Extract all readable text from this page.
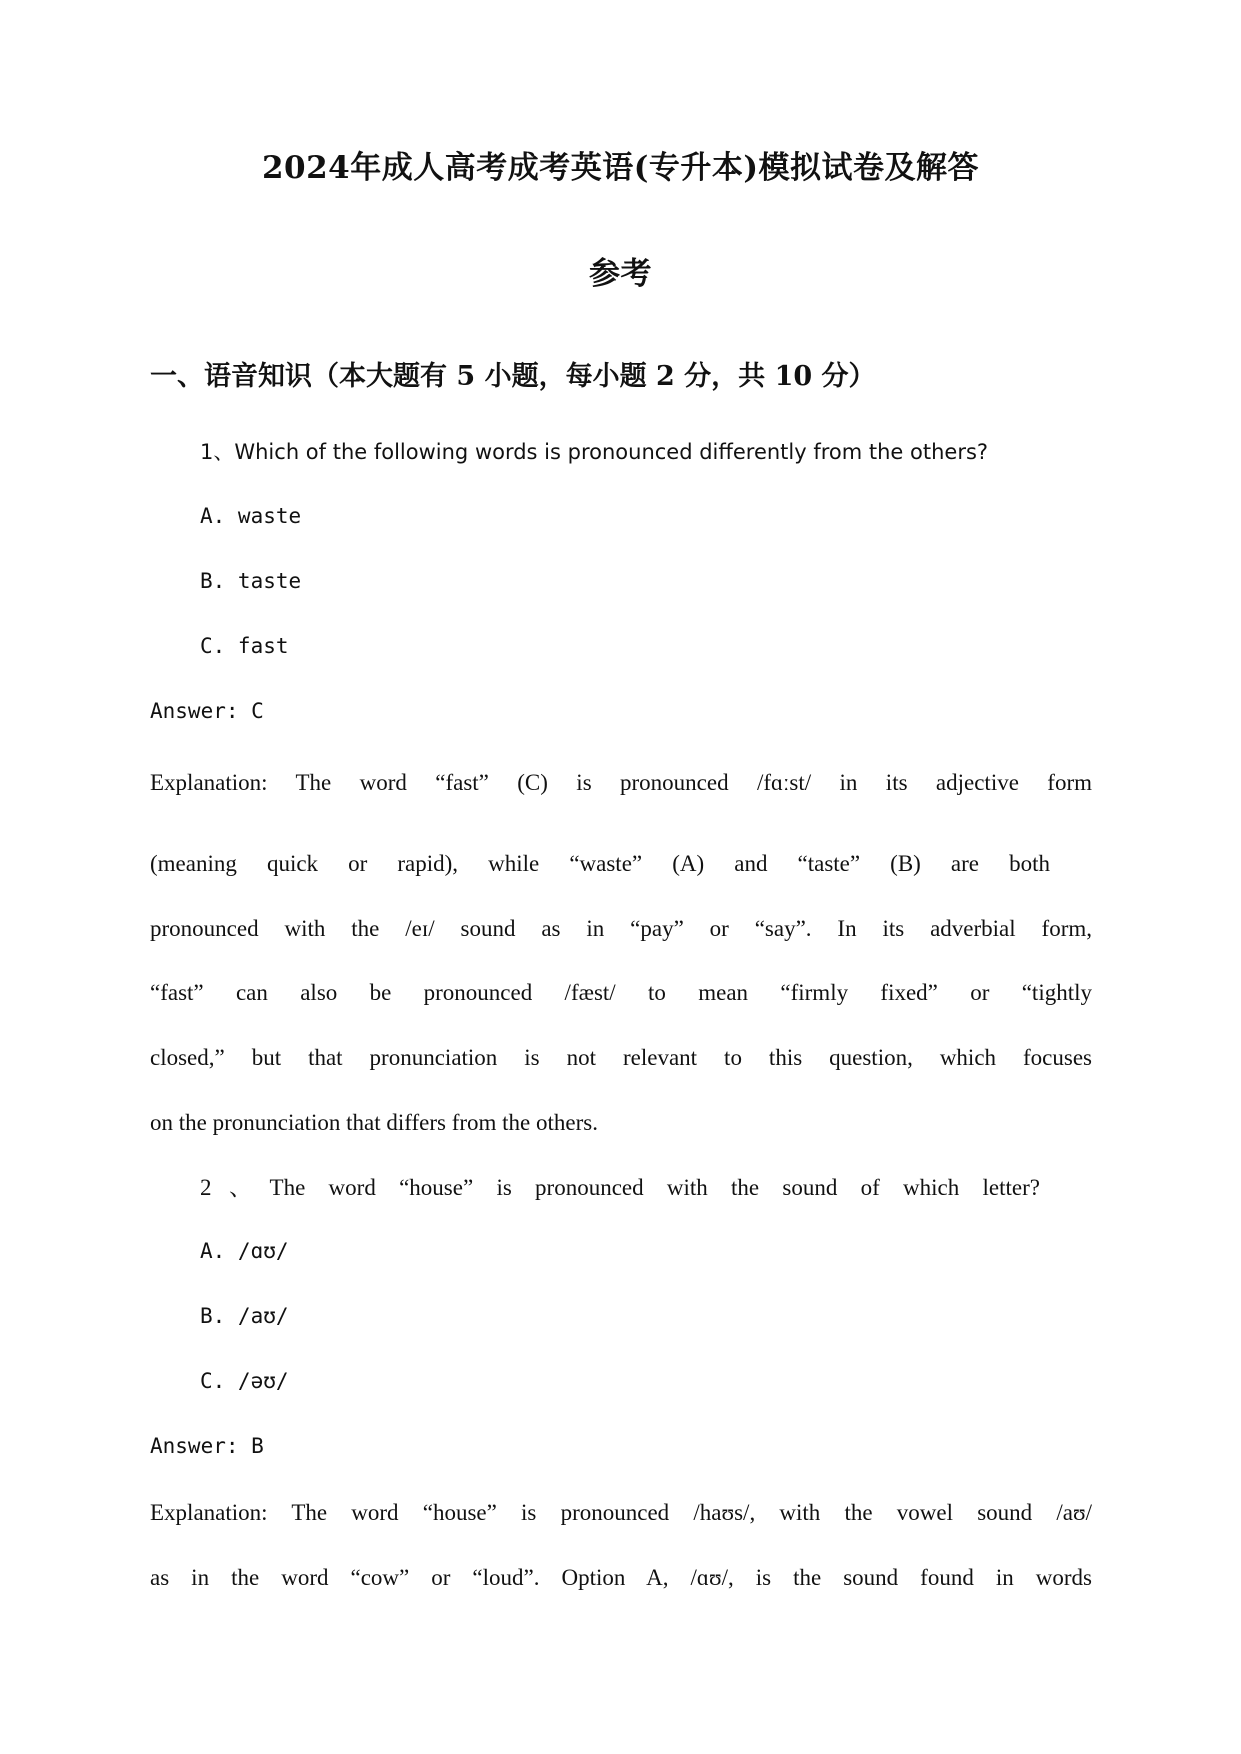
2024年成人高考成考英语(专升本)模拟试卷及解答
参考
一、语音知识（本大题有 5 小题，每小题 2 分，共 10 分）
1、Which of the following words is pronounced differently from the others?
A. waste
B. taste
C. fast
Answer: C
Explanation: The word “fast” (C) is pronounced /fɑːst/ in its adjective form
(meaning quick or rapid), while “waste” (A) and “taste” (B) are both
pronounced with the /eɪ/ sound as in “pay” or “say”. In its adverbial form,
“fast” can also be pronounced /fæst/ to mean “firmly fixed” or “tightly
closed,” but that pronunciation is not relevant to this question, which focuses
on the pronunciation that differs from the others.
2、The word “house” is pronounced with the sound of which letter?
A. /ɑʊ/
B. /aʊ/
C. /əʊ/
Answer: B
Explanation: The word “house” is pronounced /haʊs/, with the vowel sound /aʊ/
as in the word “cow” or “loud”. Option A, /ɑʊ/, is the sound found in words
